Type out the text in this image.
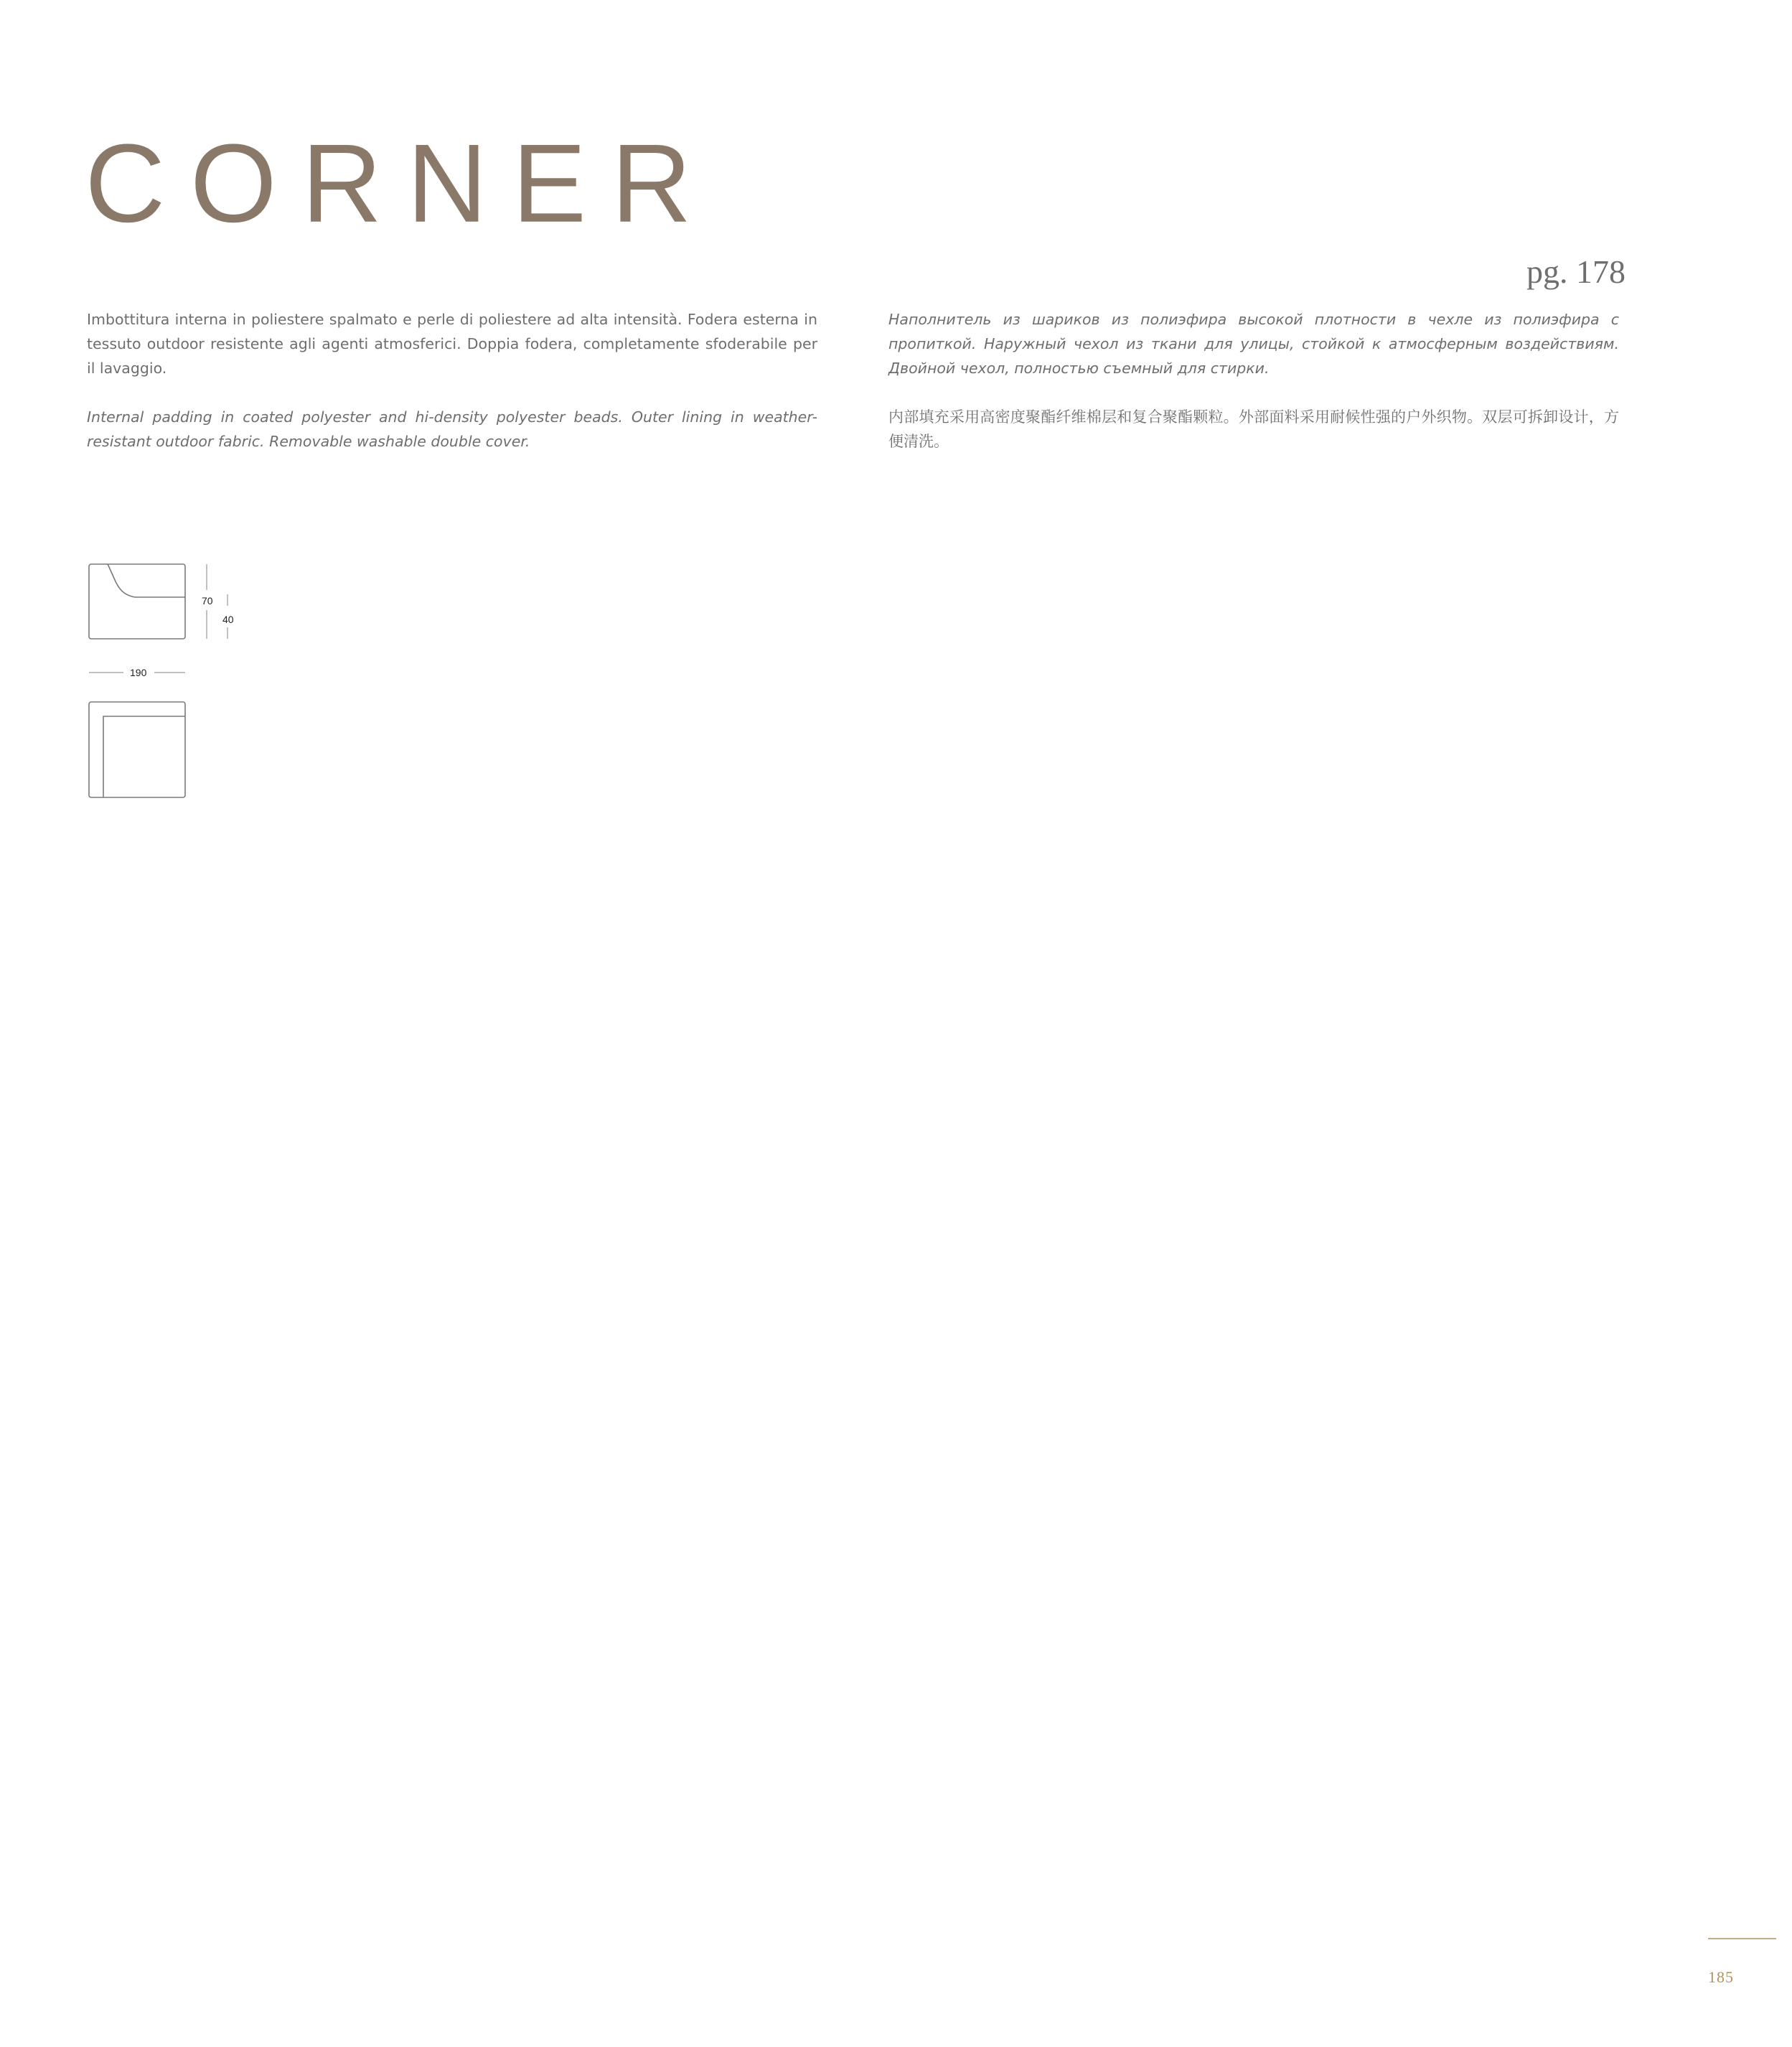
CORNER
pg. 178

Imbottitura interna in poliestere spalmato e perle di poliestere ad alta intensità. Fodera esterna in tessuto outdoor resistente agli agenti atmosferici. Doppia fodera, completamente sfoderabile per il lavaggio.

Internal padding in coated polyester and hi-density polyester beads. Outer lining in weather-resistant outdoor fabric. Removable washable double cover.

Наполнитель из шариков из полиэфира высокой плотности в чехле из полиэфира с пропиткой. Наружный чехол из ткани для улицы, стойкой к атмосферным воздействиям. Двойной чехол, полностью съемный для стирки.

内部填充采用高密度聚酯纤维棉层和复合聚酯颗粒。外部面料采用耐候性强的户外织物。双层可拆卸设计，方便清洗。

70
40
190
185
